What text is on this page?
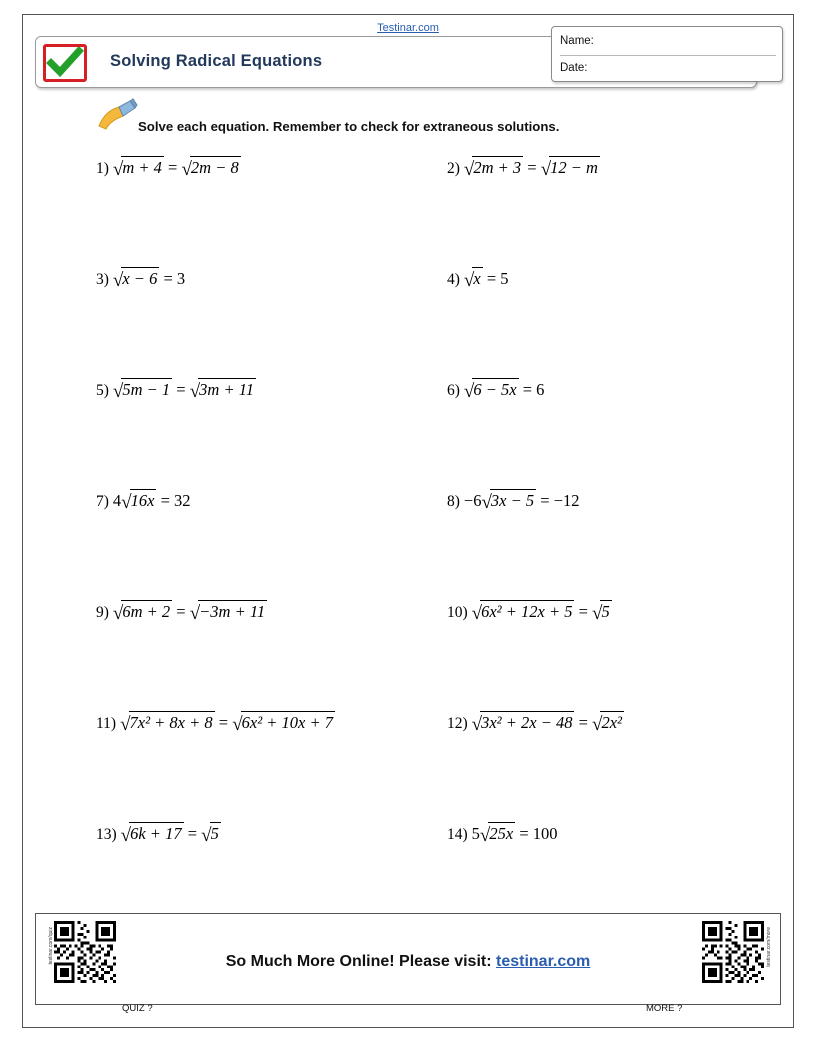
Testinar.com
Solving Radical Equations
Name:
Date:
Solve each equation. Remember to check for extraneous solutions.
1) √m + 4 = √2m − 8	2) √2m + 3 = √12 − m
3) √x − 6 = 3	4) √x = 5
5) √5m − 1 = √3m + 11	6) √6 − 5x = 6
7) 4√16x = 32	8) −6√3x − 5 = −12
9) √6m + 2 = √−3m + 11	10) √6x² + 12x + 5 = √5
11) √7x² + 8x + 8 = √6x² + 10x + 7	12) √3x² + 2x − 48 = √2x²
13) √6k + 17 = √5	14) 5√25x = 100
testinar.com/quiz	testinar.com/more
So Much More Online! Please visit: testinar.com
QUIZ ?	MORE ?
